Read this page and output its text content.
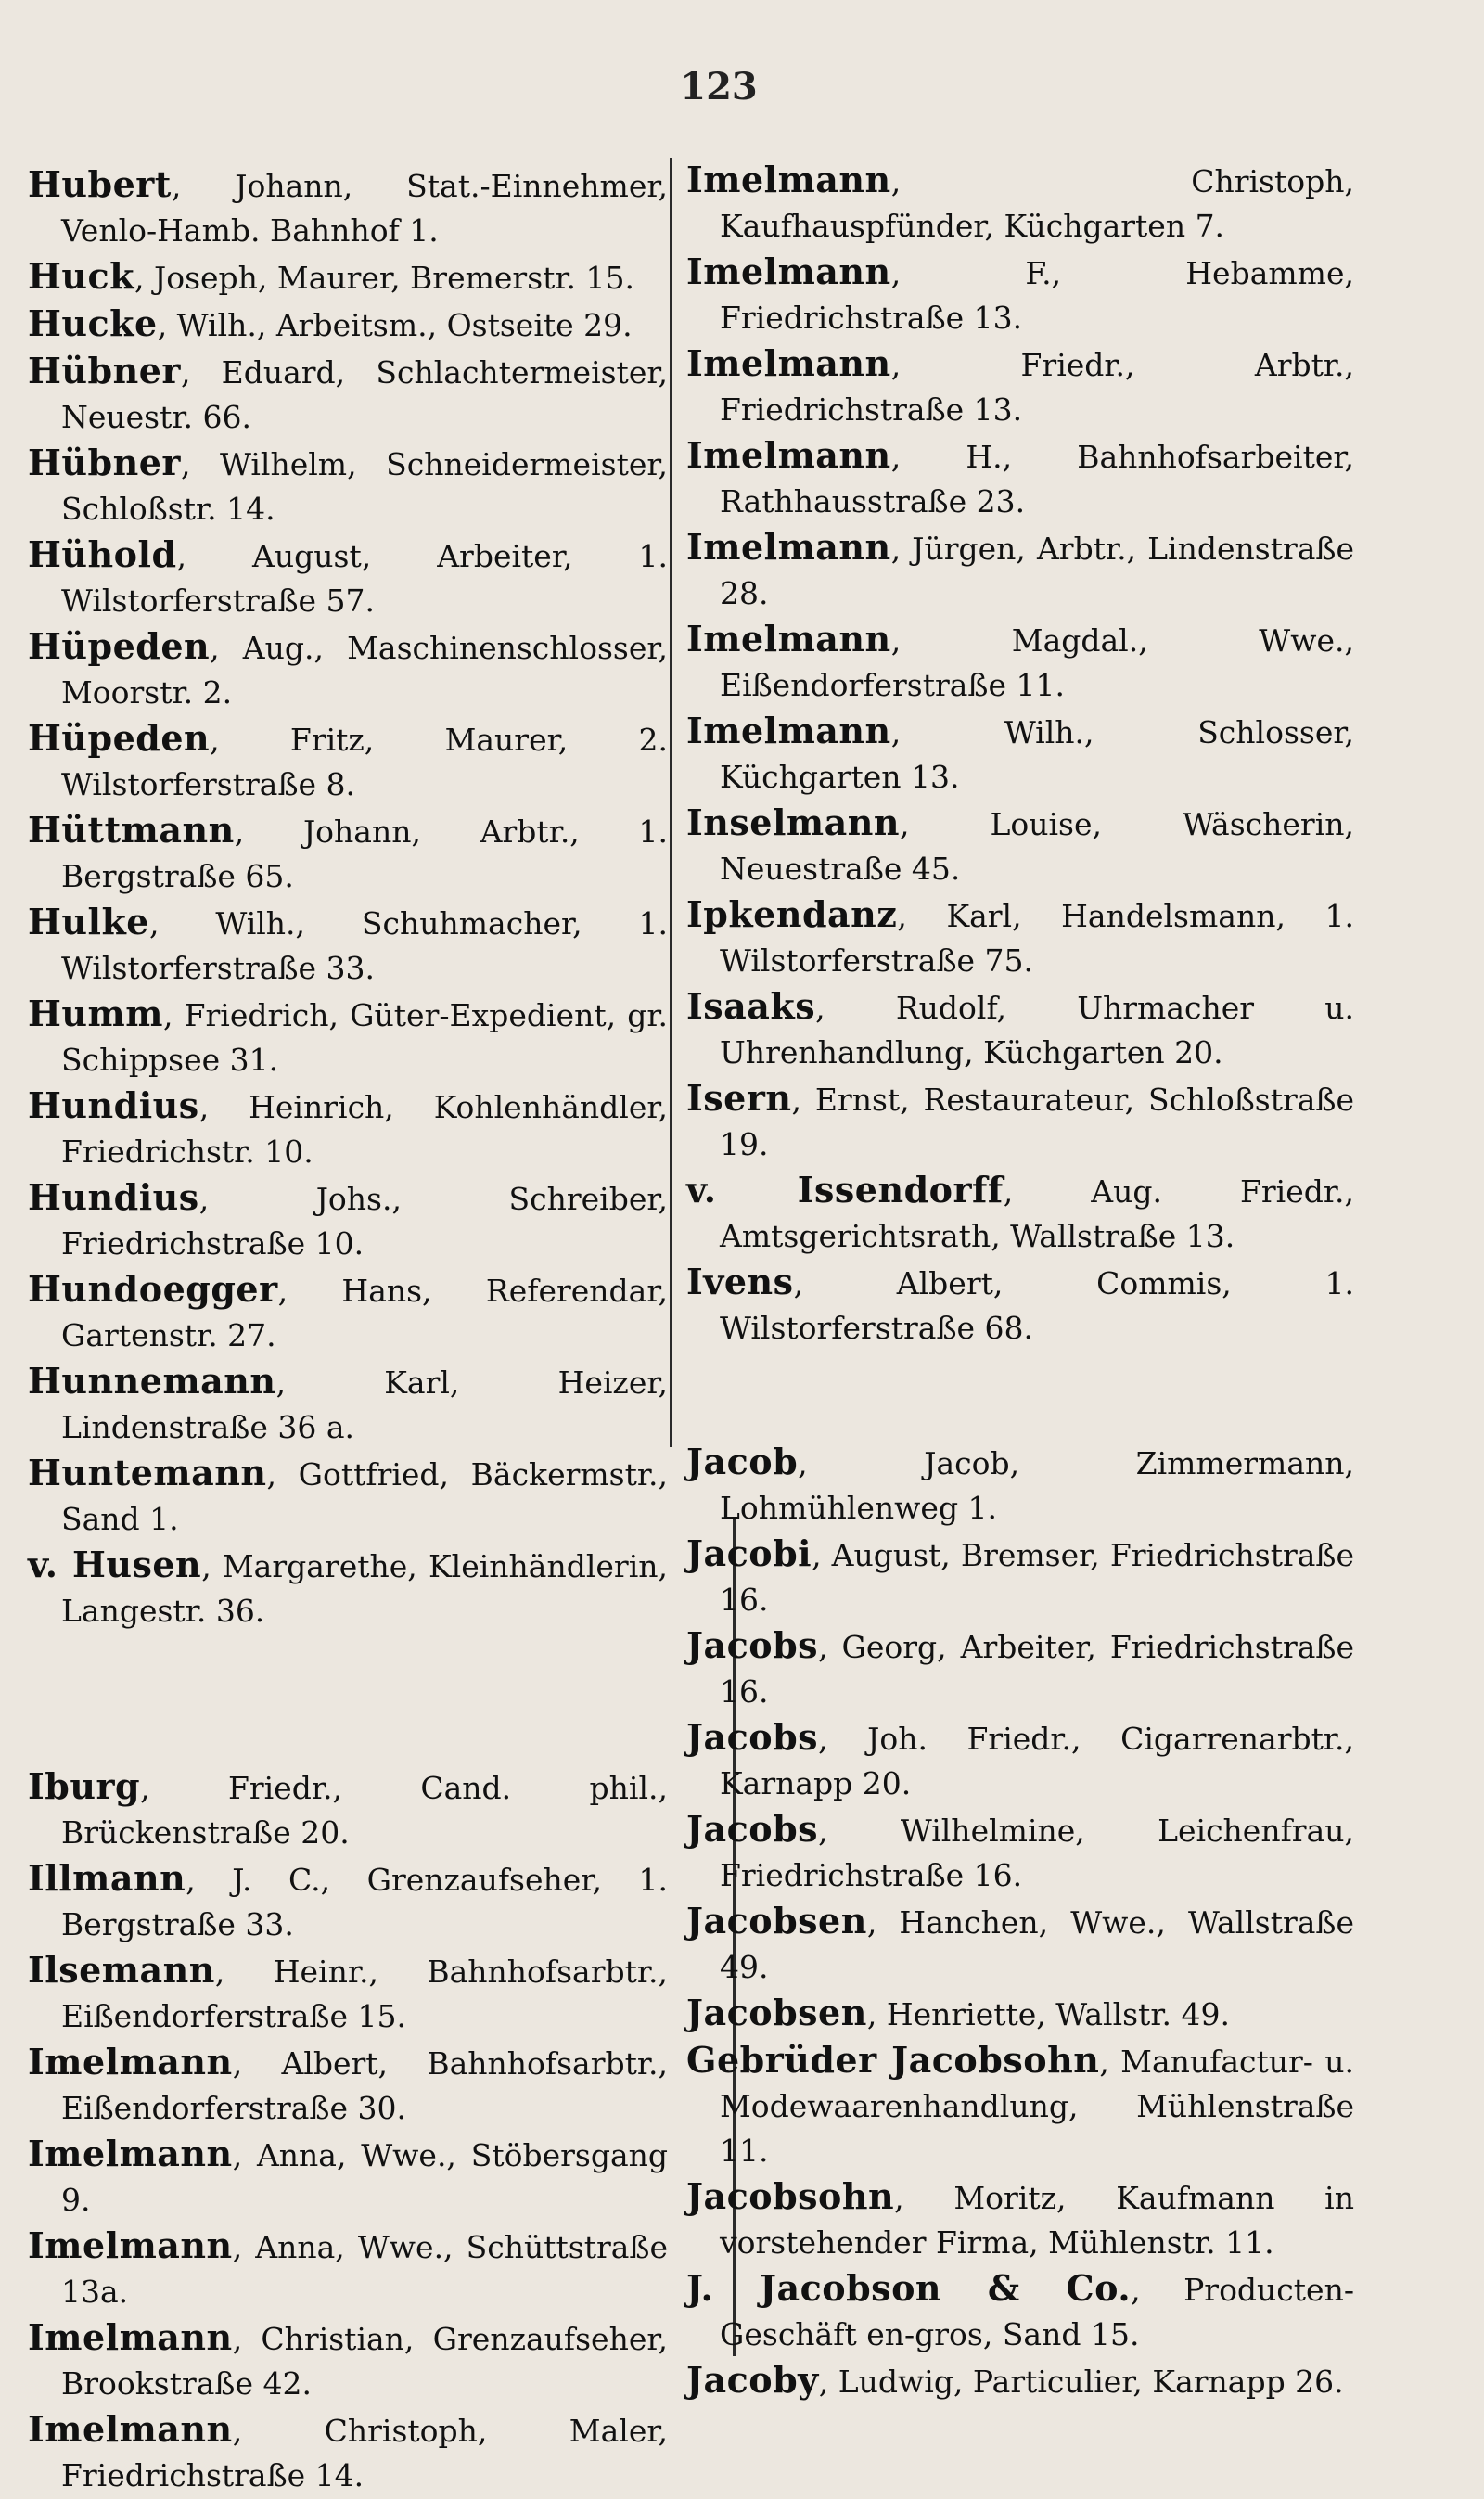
123
Hubert, Johann, Stat.-Einnehmer, Venlo-Hamb. Bahnhof 1.
Huck, Joseph, Maurer, Bremerstr. 15.
Hucke, Wilh., Arbeitsm., Ostseite 29.
Hübner, Eduard, Schlachtermeister, Neuestr. 66.
Hübner, Wilhelm, Schneidermeister, Schloßstr. 14.
Hühold, August, Arbeiter, 1. Wilstorferstraße 57.
Hüpeden, Aug., Maschinenschlosser, Moorstr. 2.
Hüpeden, Fritz, Maurer, 2. Wilstorferstraße 8.
Hüttmann, Johann, Arbtr., 1. Bergstraße 65.
Hulke, Wilh., Schuhmacher, 1. Wilstorferstraße 33.
Humm, Friedrich, Güter-Expedient, gr. Schippsee 31.
Hundius, Heinrich, Kohlenhändler, Friedrichstr. 10.
Hundius, Johs., Schreiber, Friedrichstraße 10.
Hundoegger, Hans, Referendar, Gartenstr. 27.
Hunnemann, Karl, Heizer, Lindenstraße 36 a.
Huntemann, Gottfried, Bäckermstr., Sand 1.
v. Husen, Margarethe, Kleinhändlerin, Langestr. 36.
Iburg, Friedr., Cand. phil., Brückenstraße 20.
Illmann, J. C., Grenzaufseher, 1. Bergstraße 33.
Ilsemann, Heinr., Bahnhofsarbtr., Eißendorferstraße 15.
Imelmann, Albert, Bahnhofsarbtr., Eißendorferstraße 30.
Imelmann, Anna, Wwe., Stöbersgang 9.
Imelmann, Anna, Wwe., Schüttstraße 13a.
Imelmann, Christian, Grenzaufseher, Brookstraße 42.
Imelmann, Christoph, Maler, Friedrichstraße 14.
Imelmann, Christoph, Kaufhauspfünder, Küchgarten 7.
Imelmann, F., Hebamme, Friedrichstraße 13.
Imelmann, Friedr., Arbtr., Friedrichstraße 13.
Imelmann, H., Bahnhofsarbeiter, Rathhausstraße 23.
Imelmann, Jürgen, Arbtr., Lindenstraße 28.
Imelmann, Magdal., Wwe., Eißendorferstraße 11.
Imelmann, Wilh., Schlosser, Küchgarten 13.
Inselmann, Louise, Wäscherin, Neuestraße 45.
Ipkendanz, Karl, Handelsmann, 1. Wilstorferstraße 75.
Isaaks, Rudolf, Uhrmacher u. Uhrenhandlung, Küchgarten 20.
Isern, Ernst, Restaurateur, Schloßstraße 19.
v. Issendorff, Aug. Friedr., Amtsgerichtsrath, Wallstraße 13.
Ivens, Albert, Commis, 1. Wilstorferstraße 68.
Jacob, Jacob, Zimmermann, Lohmühlenweg 1.
Jacobi, August, Bremser, Friedrichstraße 16.
Jacobs, Georg, Arbeiter, Friedrichstraße 16.
Jacobs, Joh. Friedr., Cigarrenarbtr., Karnapp 20.
Jacobs, Wilhelmine, Leichenfrau, Friedrichstraße 16.
Jacobsen, Hanchen, Wwe., Wallstraße 49.
Jacobsen, Henriette, Wallstr. 49.
Gebrüder Jacobsohn, Manufactur- u. Modewaarenhandlung, Mühlenstraße 11.
Jacobsohn, Moritz, Kaufmann in vorstehender Firma, Mühlenstr. 11.
J. Jacobson & Co., Producten-Geschäft en-gros, Sand 15.
Jacoby, Ludwig, Particulier, Karnapp 26.
